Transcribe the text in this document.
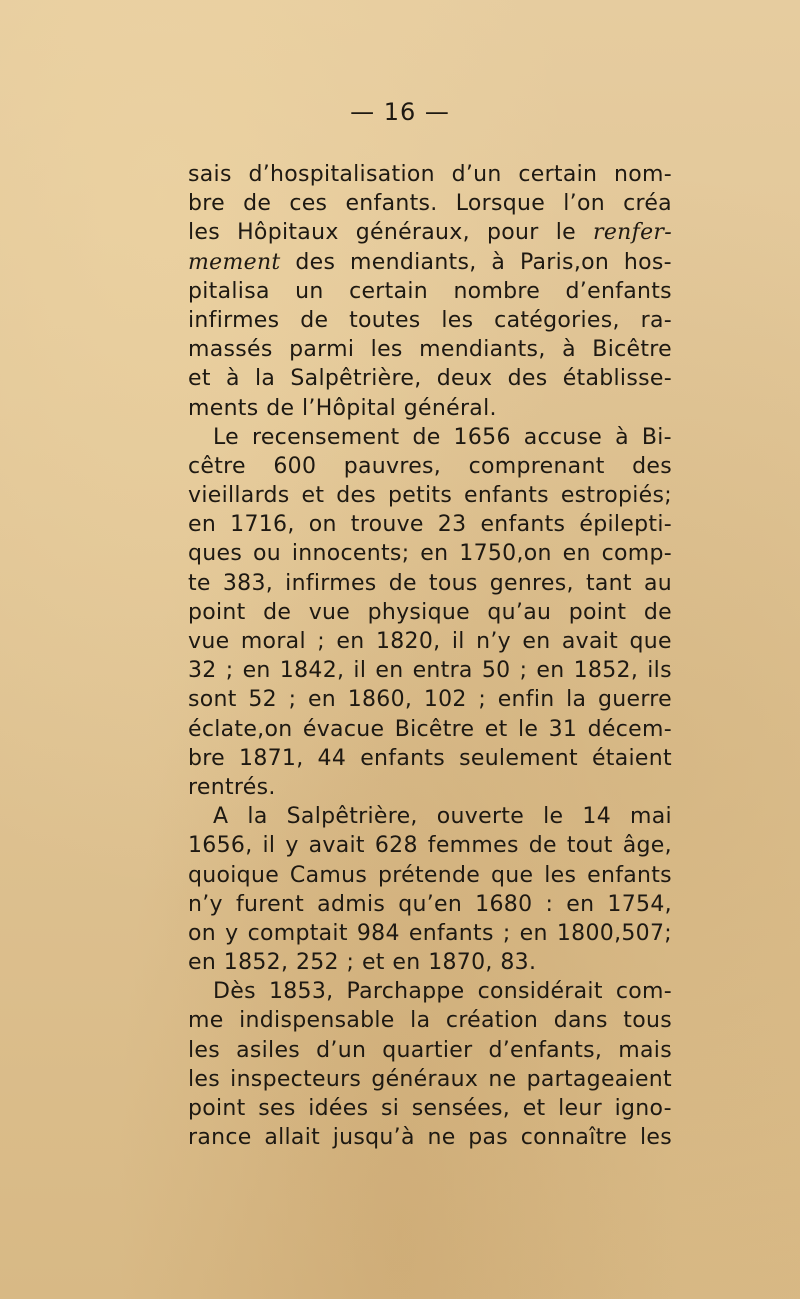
— 16 —
sais d’hospitalisation d’un certain nom-
bre de ces enfants. Lorsque l’on créa
les Hôpitaux généraux, pour le renfer-
mement des mendiants, à Paris,on hos-
pitalisa un certain nombre d’enfants
infirmes de toutes les catégories, ra-
massés parmi les mendiants, à Bicêtre
et à la Salpêtrière, deux des établisse-
ments de l’Hôpital général.
Le recensement de 1656 accuse à Bi-
cêtre 600 pauvres, comprenant des
vieillards et des petits enfants estropiés;
en 1716, on trouve 23 enfants épilepti-
ques ou innocents; en 1750,on en comp-
te 383, infirmes de tous genres, tant au
point de vue physique qu’au point de
vue moral ; en 1820, il n’y en avait que
32 ; en 1842, il en entra 50 ; en 1852, ils
sont 52 ; en 1860, 102 ; enfin la guerre
éclate,on évacue Bicêtre et le 31 décem-
bre 1871, 44 enfants seulement étaient
rentrés.
A la Salpêtrière, ouverte le 14 mai
1656, il y avait 628 femmes de tout âge,
quoique Camus prétende que les enfants
n’y furent admis qu’en 1680 : en 1754,
on y comptait 984 enfants ; en 1800,507;
en 1852, 252 ; et en 1870, 83.
Dès 1853, Parchappe considérait com-
me indispensable la création dans tous
les asiles d’un quartier d’enfants, mais
les inspecteurs généraux ne partageaient
point ses idées si sensées, et leur igno-
rance allait jusqu’à ne pas connaître les
